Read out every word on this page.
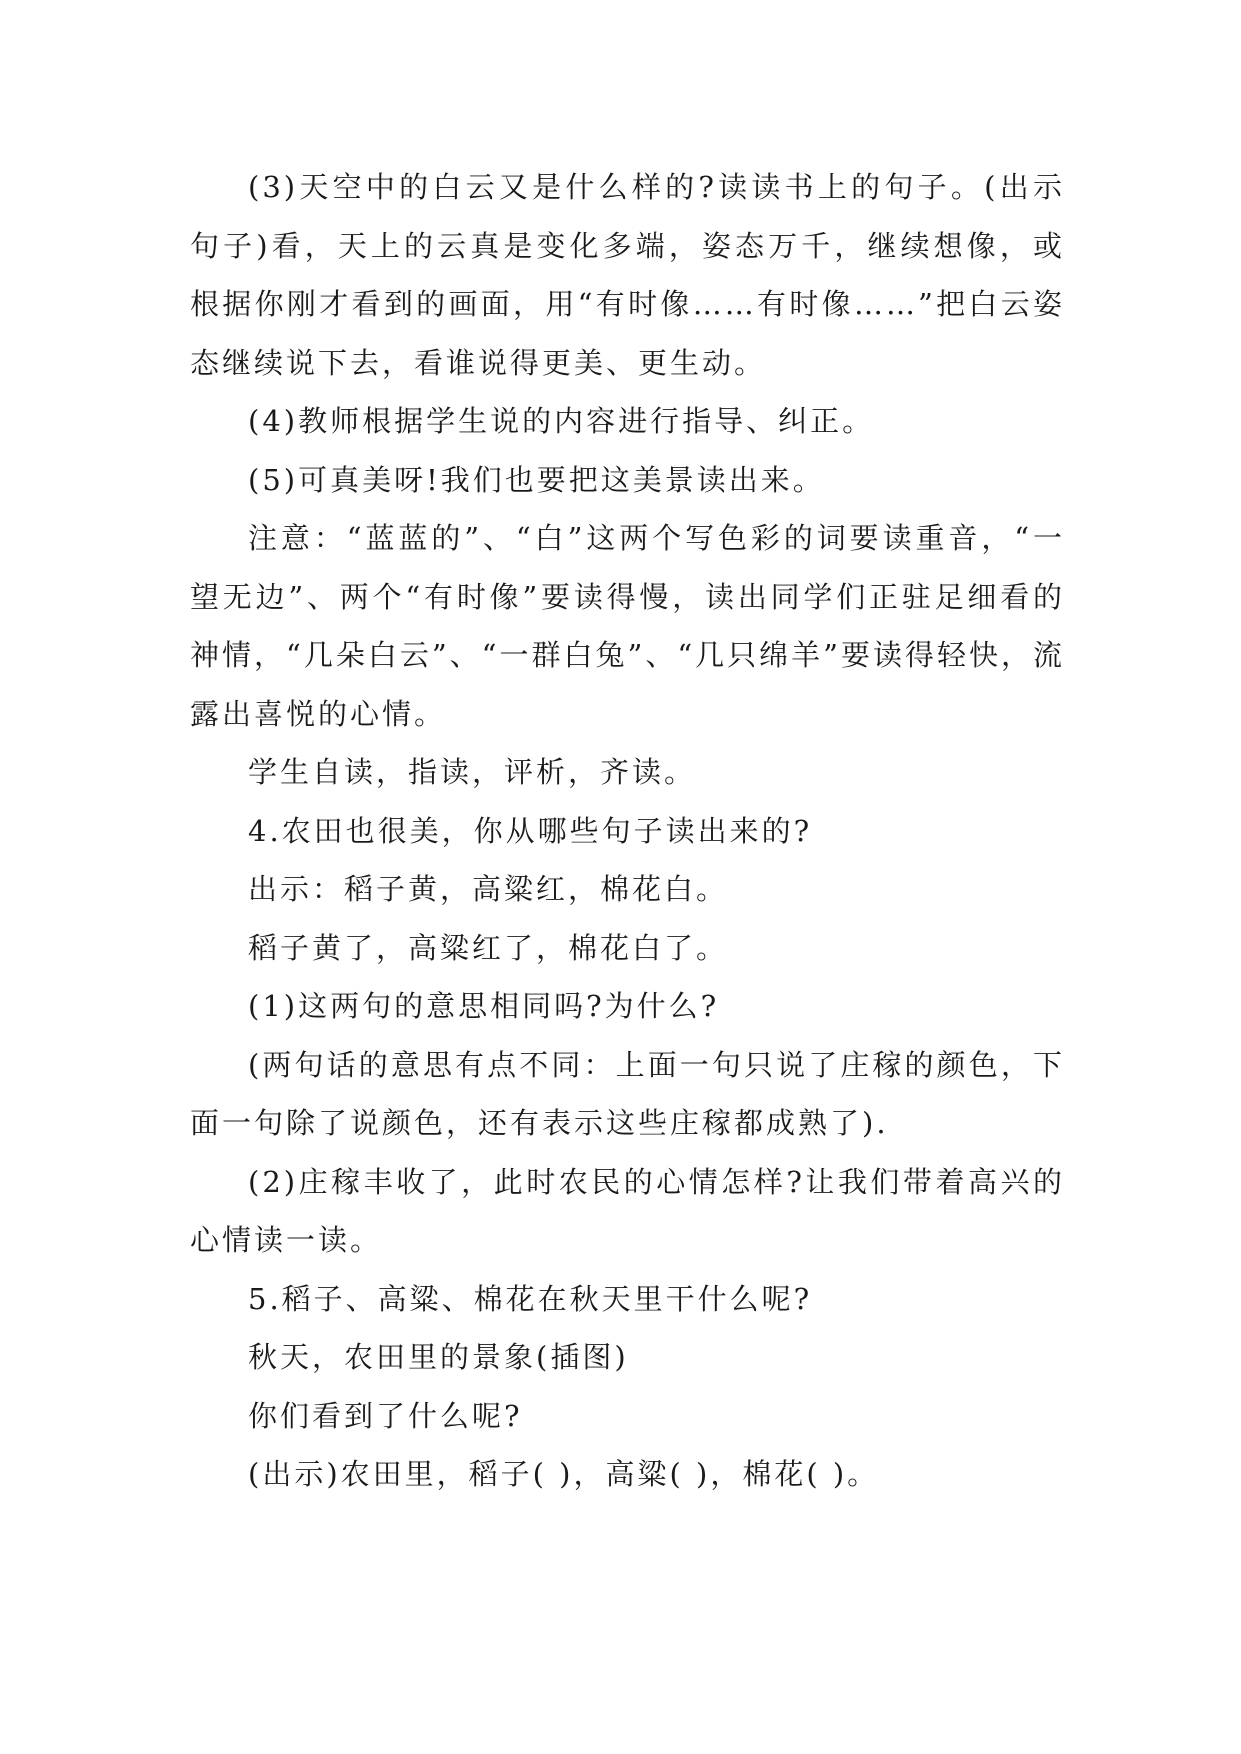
(3)天空中的白云又是什么样的?读读书上的句子。(出示句子)看，天上的云真是变化多端，姿态万千，继续想像，或根据你刚才看到的画面，用“有时像……有时像……”把白云姿态继续说下去，看谁说得更美、更生动。

(4)教师根据学生说的内容进行指导、纠正。

(5)可真美呀!我们也要把这美景读出来。

注意：“蓝蓝的”、“白”这两个写色彩的词要读重音，“一望无边”、两个“有时像”要读得慢，读出同学们正驻足细看的神情，“几朵白云”、“一群白兔”、“几只绵羊”要读得轻快，流露出喜悦的心情。

学生自读，指读，评析，齐读。

4.农田也很美，你从哪些句子读出来的?

出示：稻子黄，高粱红，棉花白。

稻子黄了，高粱红了，棉花白了。

(1)这两句的意思相同吗?为什么?

(两句话的意思有点不同：上面一句只说了庄稼的颜色，下面一句除了说颜色，还有表示这些庄稼都成熟了).

(2)庄稼丰收了，此时农民的心情怎样?让我们带着高兴的心情读一读。

5.稻子、高粱、棉花在秋天里干什么呢?

秋天，农田里的景象(插图)

你们看到了什么呢?

(出示)农田里，稻子( )，高粱( )，棉花( )。
